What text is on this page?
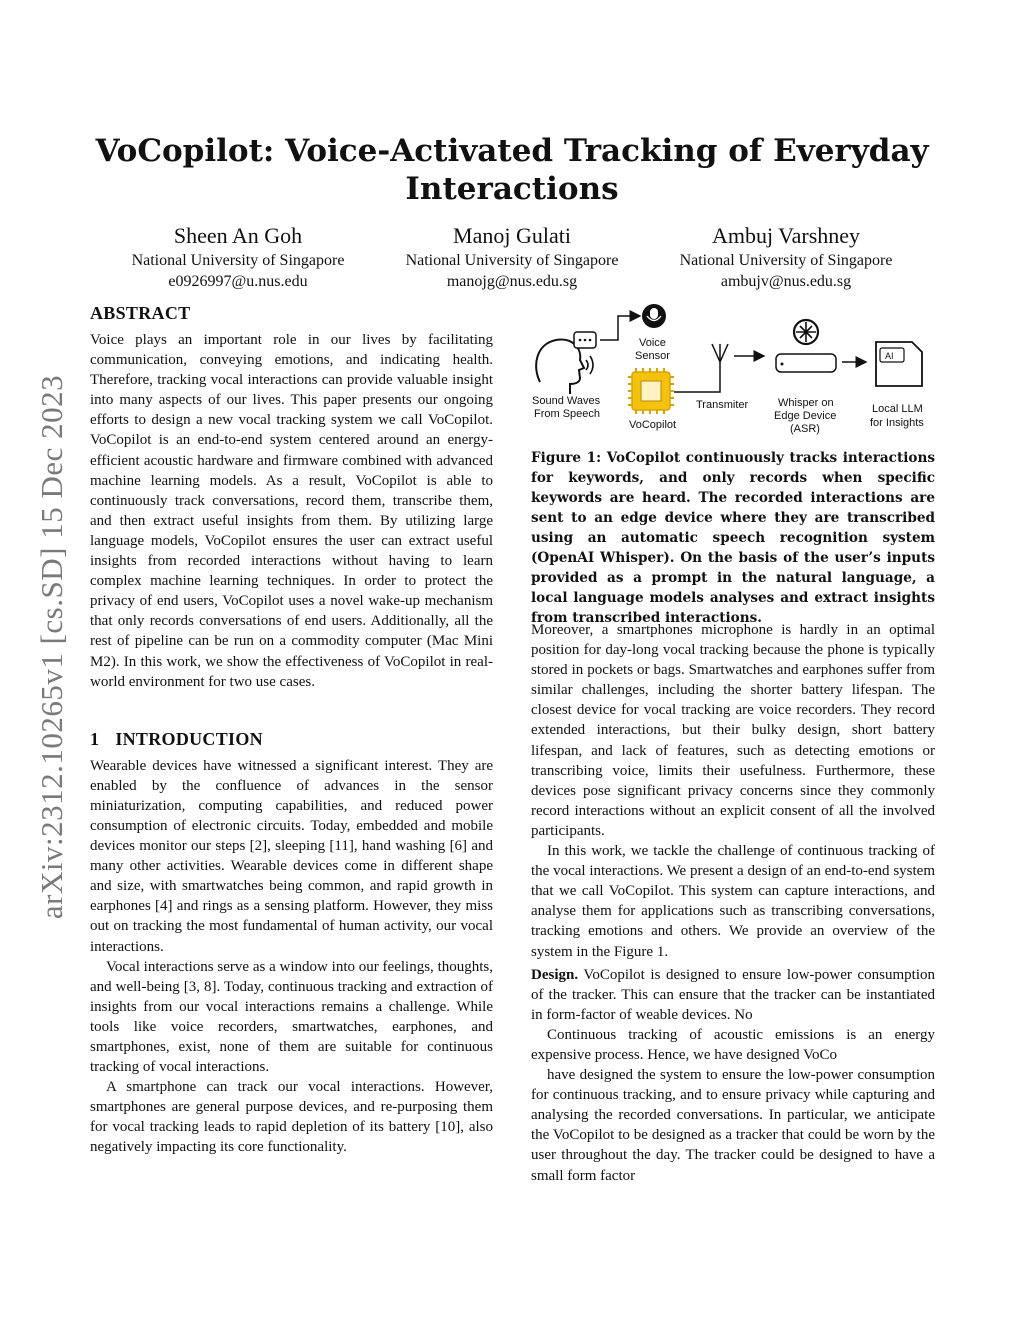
arXiv:2312.10265v1 [cs.SD] 15 Dec 2023
VoCopilot: Voice-Activated Tracking of Everyday Interactions
Sheen An Goh
National University of Singapore
e0926997@u.nus.edu
Manoj Gulati
National University of Singapore
manojg@nus.edu.sg
Ambuj Varshney
National University of Singapore
ambujv@nus.edu.sg
ABSTRACT

Voice plays an important role in our lives by facilitating communication, conveying emotions, and indicating health. Therefore, tracking vocal interactions can provide valuable insight into many aspects of our lives. This paper presents our ongoing efforts to design a new vocal tracking system we call VoCopilot. VoCopilot is an end-to-end system centered around an energy-efficient acoustic hardware and firmware combined with advanced machine learning models. As a result, VoCopilot is able to continuously track conversations, record them, transcribe them, and then extract useful insights from them. By utilizing large language models, VoCopilot ensures the user can extract useful insights from recorded interactions without having to learn complex machine learning techniques. In order to protect the privacy of end users, VoCopilot uses a novel wake-up mechanism that only records conversations of end users. Additionally, all the rest of pipeline can be run on a commodity computer (Mac Mini M2). In this work, we show the effectiveness of VoCopilot in real-world environment for two use cases.

1 INTRODUCTION

Wearable devices have witnessed a significant interest. They are enabled by the confluence of advances in the sensor miniaturization, computing capabilities, and reduced power consumption of electronic circuits. Today, embedded and mobile devices monitor our steps [2], sleeping [11], hand washing [6] and many other activities. Wearable devices come in different shape and size, with smartwatches being common, and rapid growth in earphones [4] and rings as a sensing platform. However, they miss out on tracking the most fundamental of human activity, our vocal interactions.

Vocal interactions serve as a window into our feelings, thoughts, and well-being [3, 8]. Today, continuous tracking and extraction of insights from our vocal interactions remains a challenge. While tools like voice recorders, smartwatches, earphones, and smartphones, exist, none of them are suitable for continuous tracking of vocal interactions.

A smartphone can track our vocal interactions. However, smartphones are general purpose devices, and re-purposing them for vocal tracking leads to rapid depletion of its battery [10], also negatively impacting its core functionality.

Sound Waves
From Speech
Voice
Sensor
VoCopilot
Transmiter	Whisper on
Edge Device
(ASR)
AI
Local LLM
for Insights
Figure 1: VoCopilot continuously tracks interactions for keywords, and only records when specific keywords are heard. The recorded interactions are sent to an edge device where they are transcribed using an automatic speech recognition system (OpenAI Whisper). On the basis of the user’s inputs provided as a prompt in the natural language, a local language models analyses and extract insights from transcribed interactions.

Moreover, a smartphones microphone is hardly in an optimal position for day-long vocal tracking because the phone is typically stored in pockets or bags. Smartwatches and earphones suffer from similar challenges, including the shorter battery lifespan. The closest device for vocal tracking are voice recorders. They record extended interactions, but their bulky design, short battery lifespan, and lack of features, such as detecting emotions or transcribing voice, limits their usefulness. Furthermore, these devices pose significant privacy concerns since they commonly record interactions without an explicit consent of all the involved participants.

In this work, we tackle the challenge of continuous tracking of the vocal interactions. We present a design of an end-to-end system that we call VoCopilot. This system can capture interactions, and analyse them for applications such as transcribing conversations, tracking emotions and others. We provide an overview of the system in the Figure 1.

Design. VoCopilot is designed to ensure low-power consumption of the tracker. This can ensure that the tracker can be instantiated in form-factor of weable devices. No

Continuous tracking of acoustic emissions is an energy expensive process. Hence, we have designed VoCo

have designed the system to ensure the low-power consumption for continuous tracking, and to ensure privacy while capturing and analysing the recorded conversations. In particular, we anticipate the VoCopilot to be designed as a tracker that could be worn by the user throughout the day. The tracker could be designed to have a small form factor
